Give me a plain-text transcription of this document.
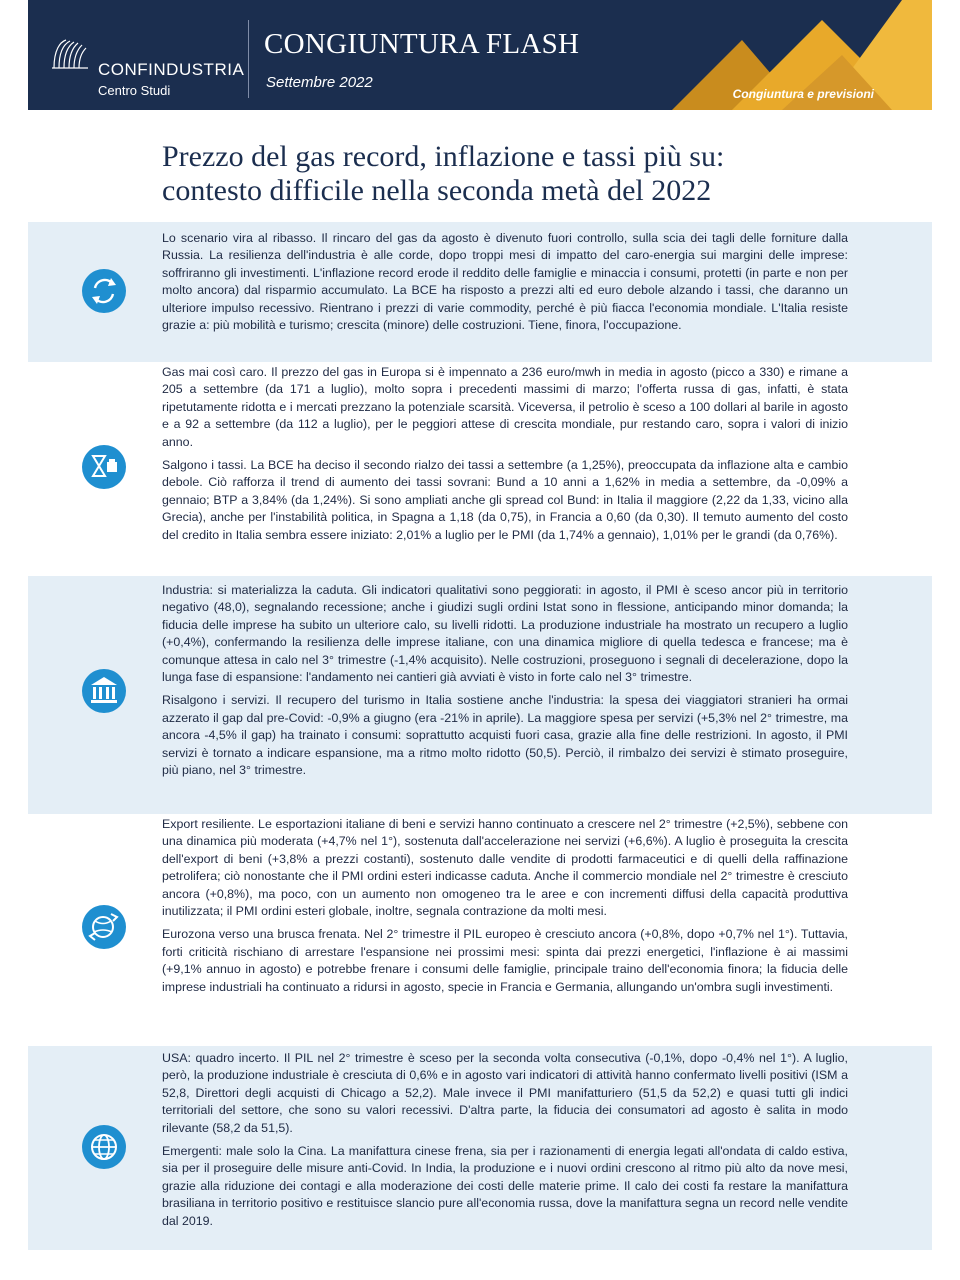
CONFINDUSTRIA
Centro Studi
CONGIUNTURA FLASH
Settembre 2022
Congiuntura e previsioni
Prezzo del gas record, inflazione e tassi più su:
contesto difficile nella seconda metà del 2022

Lo scenario vira al ribasso. Il rincaro del gas da agosto è divenuto fuori controllo, sulla scia dei tagli delle forniture dalla Russia. La resilienza dell'industria è alle corde, dopo troppi mesi di impatto del caro-energia sui margini delle imprese: soffriranno gli investimenti. L'inflazione record erode il reddito delle famiglie e minaccia i consumi, protetti (in parte e non per molto ancora) dal risparmio accumulato. La BCE ha risposto a prezzi alti ed euro debole alzando i tassi, che daranno un ulteriore impulso recessivo. Rientrano i prezzi di varie commodity, perché è più fiacca l'economia mondiale. L'Italia resiste grazie a: più mobilità e turismo; crescita (minore) delle costruzioni. Tiene, finora, l'occupazione.

Gas mai così caro. Il prezzo del gas in Europa si è impennato a 236 euro/mwh in media in agosto (picco a 330) e rimane a 205 a settembre (da 171 a luglio), molto sopra i precedenti massimi di marzo; l'offerta russa di gas, infatti, è stata ripetutamente ridotta e i mercati prezzano la potenziale scarsità. Viceversa, il petrolio è sceso a 100 dollari al barile in agosto e a 92 a settembre (da 112 a luglio), per le peggiori attese di crescita mondiale, pur restando caro, sopra i valori di inizio anno.

Salgono i tassi. La BCE ha deciso il secondo rialzo dei tassi a settembre (a 1,25%), preoccupata da inflazione alta e cambio debole. Ciò rafforza il trend di aumento dei tassi sovrani: Bund a 10 anni a 1,62% in media a settembre, da -0,09% a gennaio; BTP a 3,84% (da 1,24%). Si sono ampliati anche gli spread col Bund: in Italia il maggiore (2,22 da 1,33, vicino alla Grecia), anche per l'instabilità politica, in Spagna a 1,18 (da 0,75), in Francia a 0,60 (da 0,30). Il temuto aumento del costo del credito in Italia sembra essere iniziato: 2,01% a luglio per le PMI (da 1,74% a gennaio), 1,01% per le grandi (da 0,76%).

Industria: si materializza la caduta. Gli indicatori qualitativi sono peggiorati: in agosto, il PMI è sceso ancor più in territorio negativo (48,0), segnalando recessione; anche i giudizi sugli ordini Istat sono in flessione, anticipando minor domanda; la fiducia delle imprese ha subito un ulteriore calo, su livelli ridotti. La produzione industriale ha mostrato un recupero a luglio (+0,4%), confermando la resilienza delle imprese italiane, con una dinamica migliore di quella tedesca e francese; ma è comunque attesa in calo nel 3° trimestre (-1,4% acquisito). Nelle costruzioni, proseguono i segnali di decelerazione, dopo la lunga fase di espansione: l'andamento nei cantieri già avviati è visto in forte calo nel 3° trimestre.

Risalgono i servizi. Il recupero del turismo in Italia sostiene anche l'industria: la spesa dei viaggiatori stranieri ha ormai azzerato il gap dal pre-Covid: -0,9% a giugno (era -21% in aprile). La maggiore spesa per servizi (+5,3% nel 2° trimestre, ma ancora -4,5% il gap) ha trainato i consumi: soprattutto acquisti fuori casa, grazie alla fine delle restrizioni. In agosto, il PMI servizi è tornato a indicare espansione, ma a ritmo molto ridotto (50,5). Perciò, il rimbalzo dei servizi è stimato proseguire, più piano, nel 3° trimestre.

Export resiliente. Le esportazioni italiane di beni e servizi hanno continuato a crescere nel 2° trimestre (+2,5%), sebbene con una dinamica più moderata (+4,7% nel 1°), sostenuta dall'accelerazione nei servizi (+6,6%). A luglio è proseguita la crescita dell'export di beni (+3,8% a prezzi costanti), sostenuto dalle vendite di prodotti farmaceutici e di quelli della raffinazione petrolifera; ciò nonostante che il PMI ordini esteri indicasse caduta. Anche il commercio mondiale nel 2° trimestre è cresciuto ancora (+0,8%), ma poco, con un aumento non omogeneo tra le aree e con incrementi diffusi della capacità produttiva inutilizzata; il PMI ordini esteri globale, inoltre, segnala contrazione da molti mesi.

Eurozona verso una brusca frenata. Nel 2° trimestre il PIL europeo è cresciuto ancora (+0,8%, dopo +0,7% nel 1°). Tuttavia, forti criticità rischiano di arrestare l'espansione nei prossimi mesi: spinta dai prezzi energetici, l'inflazione è ai massimi (+9,1% annuo in agosto) e potrebbe frenare i consumi delle famiglie, principale traino dell'economia finora; la fiducia delle imprese industriali ha continuato a ridursi in agosto, specie in Francia e Germania, allungando un'ombra sugli investimenti.

USA: quadro incerto. Il PIL nel 2° trimestre è sceso per la seconda volta consecutiva (-0,1%, dopo -0,4% nel 1°). A luglio, però, la produzione industriale è cresciuta di 0,6% e in agosto vari indicatori di attività hanno confermato livelli positivi (ISM a 52,8, Direttori degli acquisti di Chicago a 52,2). Male invece il PMI manifatturiero (51,5 da 52,2) e quasi tutti gli indici territoriali del settore, che sono su valori recessivi. D'altra parte, la fiducia dei consumatori ad agosto è salita in modo rilevante (58,2 da 51,5).

Emergenti: male solo la Cina. La manifattura cinese frena, sia per i razionamenti di energia legati all'ondata di caldo estiva, sia per il proseguire delle misure anti-Covid. In India, la produzione e i nuovi ordini crescono al ritmo più alto da nove mesi, grazie alla riduzione dei contagi e alla moderazione dei costi delle materie prime. Il calo dei costi fa restare la manifattura brasiliana in territorio positivo e restituisce slancio pure all'economia russa, dove la manifattura segna un record nelle vendite dal 2019.
